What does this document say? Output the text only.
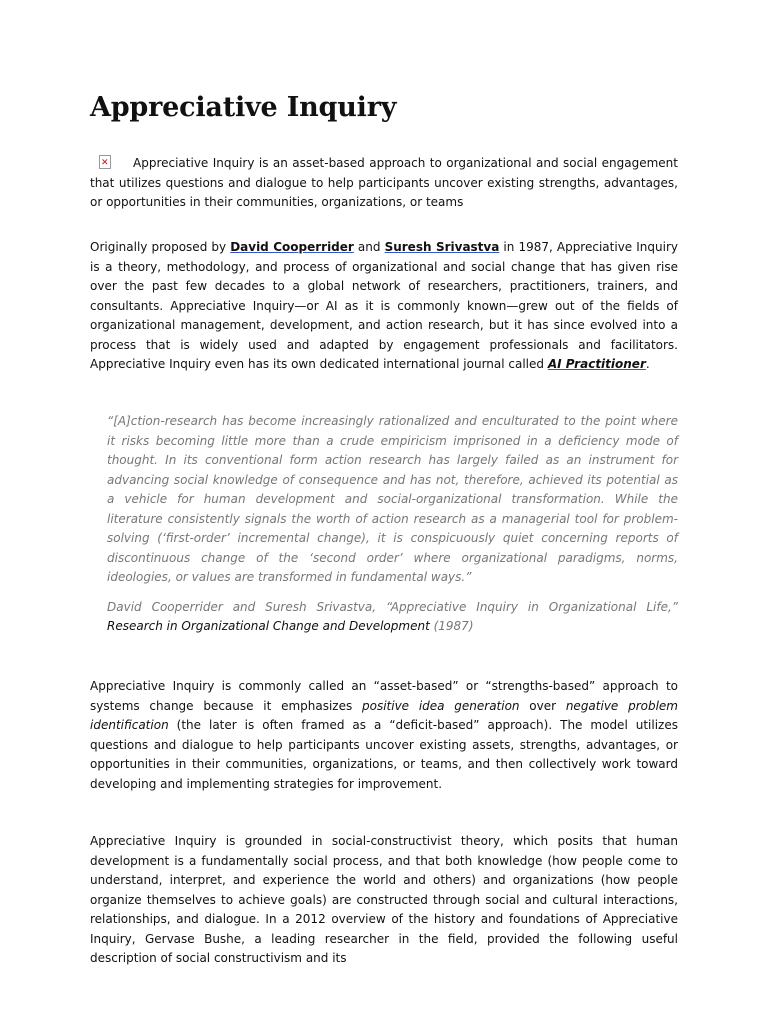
Appreciative Inquiry

✕Appreciative Inquiry is an asset-based approach to organizational and social engagement that utilizes questions and dialogue to help participants uncover existing strengths, advantages, or opportunities in their communities, organizations, or teams

Originally proposed by David Cooperrider and Suresh Srivastva in 1987, Appreciative Inquiry is a theory, methodology, and process of organizational and social change that has given rise over the past few decades to a global network of researchers, practitioners, trainers, and consultants. Appreciative Inquiry—or AI as it is commonly known—grew out of the fields of organizational management, development, and action research, but it has since evolved into a process that is widely used and adapted by engagement professionals and facilitators. Appreciative Inquiry even has its own dedicated international journal called AI Practitioner.

“[A]ction-research has become increasingly rationalized and enculturated to the point where it risks becoming little more than a crude empiricism imprisoned in a deficiency mode of thought. In its conventional form action research has largely failed as an instrument for advancing social knowledge of consequence and has not, therefore, achieved its potential as a vehicle for human development and social-organizational transformation. While the literature consistently signals the worth of action research as a managerial tool for problem-solving (‘first-order’ incremental change), it is conspicuously quiet concerning reports of discontinuous change of the ‘second order’ where organizational paradigms, norms, ideologies, or values are transformed in fundamental ways.”
David Cooperrider and Suresh Srivastva, “Appreciative Inquiry in Organizational Life,” Research in Organizational Change and Development (1987)

Appreciative Inquiry is commonly called an “asset-based” or “strengths-based” approach to systems change because it emphasizes positive idea generation over negative problem identification (the later is often framed as a “deficit-based” approach). The model utilizes questions and dialogue to help participants uncover existing assets, strengths, advantages, or opportunities in their communities, organizations, or teams, and then collectively work toward developing and implementing strategies for improvement.

Appreciative Inquiry is grounded in social-constructivist theory, which posits that human development is a fundamentally social process, and that both knowledge (how people come to understand, interpret, and experience the world and others) and organizations (how people organize themselves to achieve goals) are constructed through social and cultural interactions, relationships, and dialogue. In a 2012 overview of the history and foundations of Appreciative Inquiry, Gervase Bushe, a leading researcher in the field, provided the following useful description of social constructivism and its
